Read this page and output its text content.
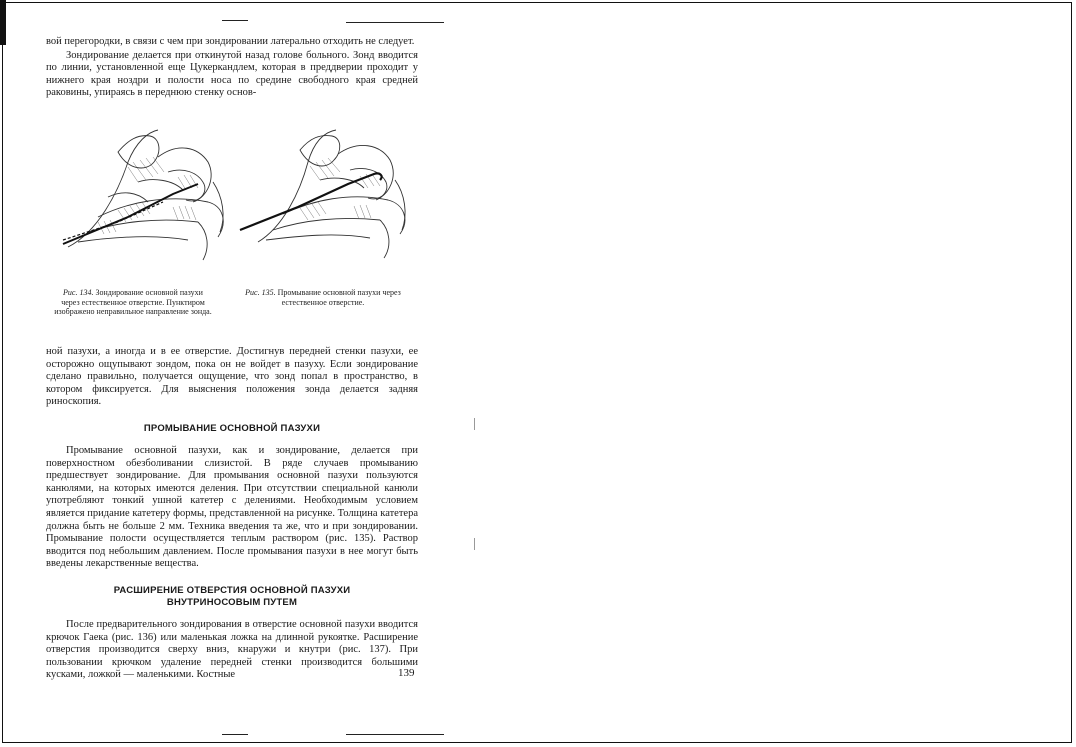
вой перегородки, в связи с чем при зондировании латерально отходить не следует.

Зондирование делается при откинутой назад голове больного. Зонд вводится по линии, установленной еще Цукеркандлем, которая в преддверии проходит у нижнего края ноздри и полости носа по средине свободного края средней раковины, упираясь в переднюю стенку основ-

Рис. 134. Зондирование основной пазухи через естественное отверстие. Пунктиром изображено неправильное направление зонда.
Рис. 135. Промывание основной пазухи через естественное отверстие.

ной пазухи, а иногда и в ее отверстие. Достигнув передней стенки пазухи, ее осторожно ощупывают зондом, пока он не войдет в пазуху. Если зондирование сделано правильно, получается ощущение, что зонд попал в пространство, в котором фиксируется. Для выяснения положения зонда делается задняя риноскопия.

ПРОМЫВАНИЕ ОСНОВНОЙ ПАЗУХИ

Промывание основной пазухи, как и зондирование, делается при поверхностном обезболивании слизистой. В ряде случаев промыванию предшествует зондирование. Для промывания основной пазухи пользуются канюлями, на которых имеются деления. При отсутствии специальной канюли употребляют тонкий ушной катетер с делениями. Необходимым условием является придание катетеру формы, представленной на рисунке. Толщина катетера должна быть не больше 2 мм. Техника введения та же, что и при зондировании. Промывание полости осуществляется теплым раствором (рис. 135). Раствор вводится под небольшим давлением. После промывания пазухи в нее могут быть введены лекарственные вещества.

РАСШИРЕНИЕ ОТВЕРСТИЯ ОСНОВНОЙ ПАЗУХИ

ВНУТРИНОСОВЫМ ПУТЕМ

После предварительного зондирования в отверстие основной пазухи вводится крючок Гаека (рис. 136) или маленькая ложка на длинной рукоятке. Расширение отверстия производится сверху вниз, кнаружи и кнутри (рис. 137). При пользовании крючком удаление передней стенки производится большими кусками, ложкой — маленькими. Костные	139
